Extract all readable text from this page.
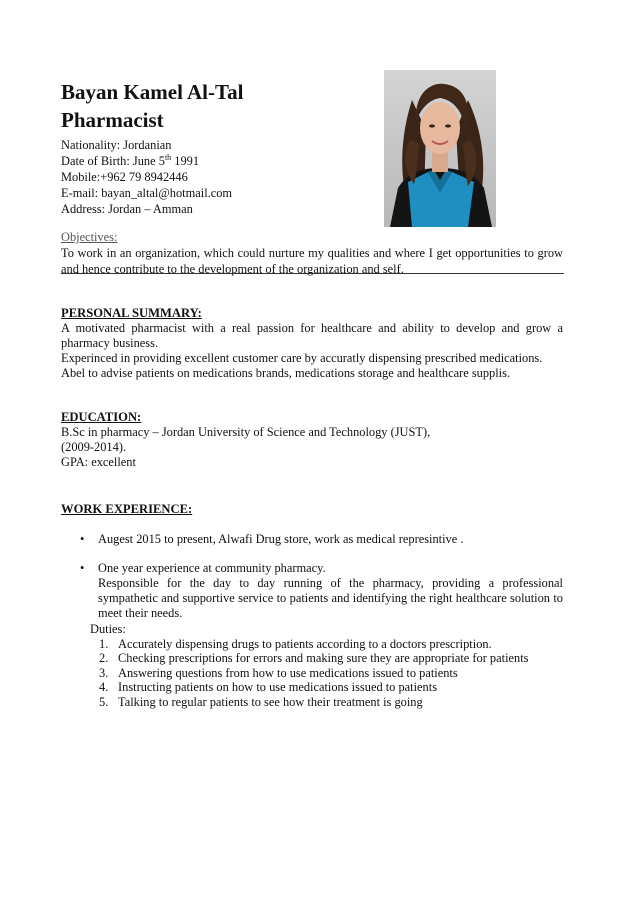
Bayan Kamel Al-Tal
Pharmacist
Nationality: Jordanian
Date of Birth: June 5th 1991
Mobile:+962 79 8942446
E-mail: bayan_altal@hotmail.com
Address: Jordan – Amman
Objectives:
To work in an organization, which could nurture my qualities and where I get opportunities to grow and hence contribute to the development of the organization and self.
PERSONAL SUMMARY:
A motivated pharmacist with a real passion for healthcare and ability to develop and grow a pharmacy business.
Experinced in providing excellent customer care by accuratly dispensing prescribed medications.
Abel to advise patients on medications brands, medications storage and healthcare supplis.
EDUCATION:
B.Sc in pharmacy – Jordan University of Science and Technology (JUST),
(2009-2014).
GPA: excellent
WORK EXPERIENCE:
• Augest 2015 to present, Alwafi Drug store, work as medical represintive .
• One year experience at community pharmacy.
Responsible for the day to day running of the pharmacy, providing a professional sympathetic and supportive service to patients and identifying the right healthcare solution to meet their needs.
Duties:
1. Accurately dispensing drugs to patients according to a doctors prescription.
2. Checking prescriptions for errors and making sure they are appropriate for patients
3. Answering questions from how to use medications issued to patients
4. Instructing patients on how to use medications issued to patients
5. Talking to regular patients to see how their treatment is going
